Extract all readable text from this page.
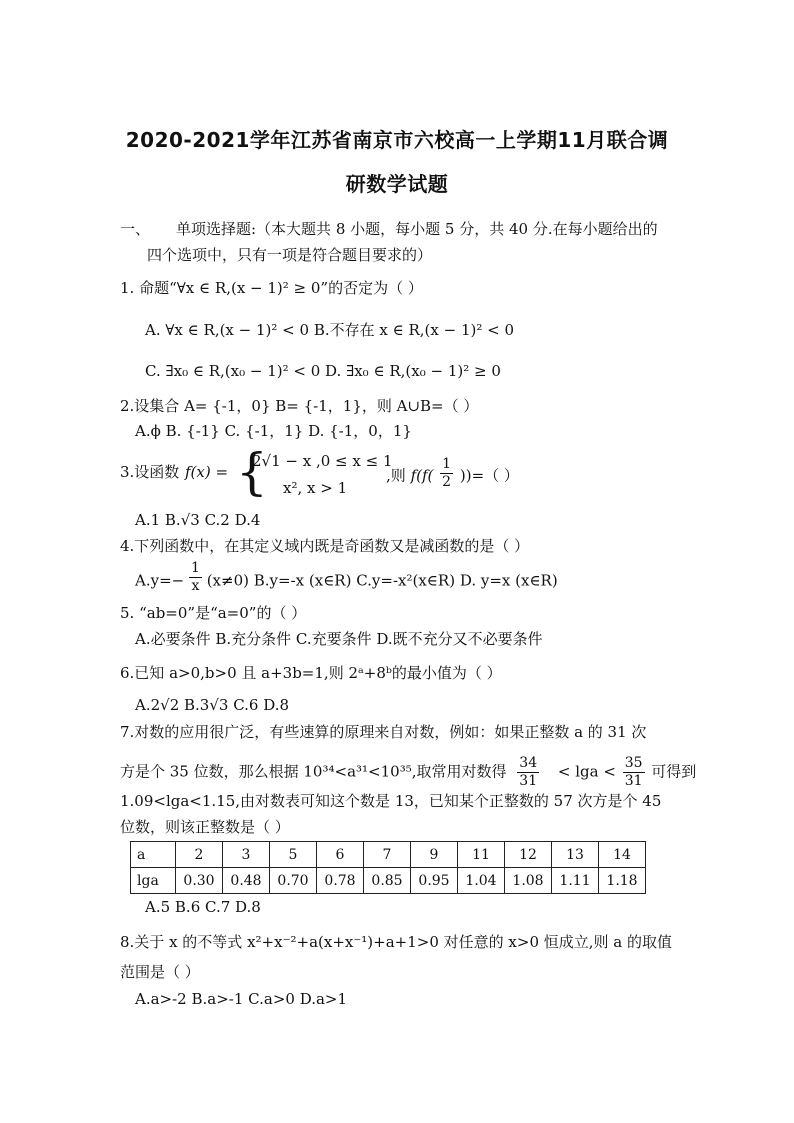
2020-2021学年江苏省南京市六校高一上学期11月联合调
研数学试题
一、 单项选择题:（本大题共 8 小题，每小题 5 分，共 40 分.在每小题给出的
四个选项中，只有一项是符合题目要求的）
1. 命题“∀x ∈ R,(x − 1)² ≥ 0”的否定为（ ）
A. ∀x ∈ R,(x − 1)² < 0 B.不存在 x ∈ R,(x − 1)² < 0
C. ∃x₀ ∈ R,(x₀ − 1)² < 0 D. ∃x₀ ∈ R,(x₀ − 1)² ≥ 0
2.设集合 A= {-1，0} B= {-1，1}，则 A∪B=（ ）
A.ϕ B. {-1} C. {-1，1} D. {-1，0，1}
3.设函数 f(x) = {
2√1 − x ,0 ≤ x ≤ 1
x², x > 1
,则 $f(f( \frac{1}{2}$ ))=（ ）
A.1 B.√3 C.2 D.4
4.下列函数中，在其定义域内既是奇函数又是减函数的是（ ）
$A.y=- \frac{1}{x} (x\ne 0)$ B.y=-x (x∈R) C.y=-x²(x∈R) D. y=x (x∈R)
5. “ab=0”是“a=0”的（ ）
A.必要条件 B.充分条件 C.充要条件 D.既不充分又不必要条件
6.已知 a>0,b>0 且 a+3b=1,则 2ᵃ+8ᵇ的最小值为（ ）
A.2√2 B.3√3 C.6 D.8
7.对数的应用很广泛，有些速算的原理来自对数，例如：如果正整数 a 的 31 次
方是个 35 位数，那么根据 10³⁴<a³¹<10³⁵,取常用对数得 $\frac{34}{31} < \lg a < \frac{35}{31}$ 可得到
1.09<lga<1.15,由对数表可知这个数是 13，已知某个正整数的 57 次方是个 45
位数，则该正整数是（ ）
a	2	3	5	6	7	9	11	12	13	14
lga	0.30	0.48	0.70	0.78	0.85	0.95	1.04	1.08	1.11	1.18
A.5 B.6 C.7 D.8
8.关于 x 的不等式 x²+x⁻²+a(x+x⁻¹)+a+1>0 对任意的 x>0 恒成立,则 a 的取值
范围是（ ）
A.a>-2 B.a>-1 C.a>0 D.a>1
